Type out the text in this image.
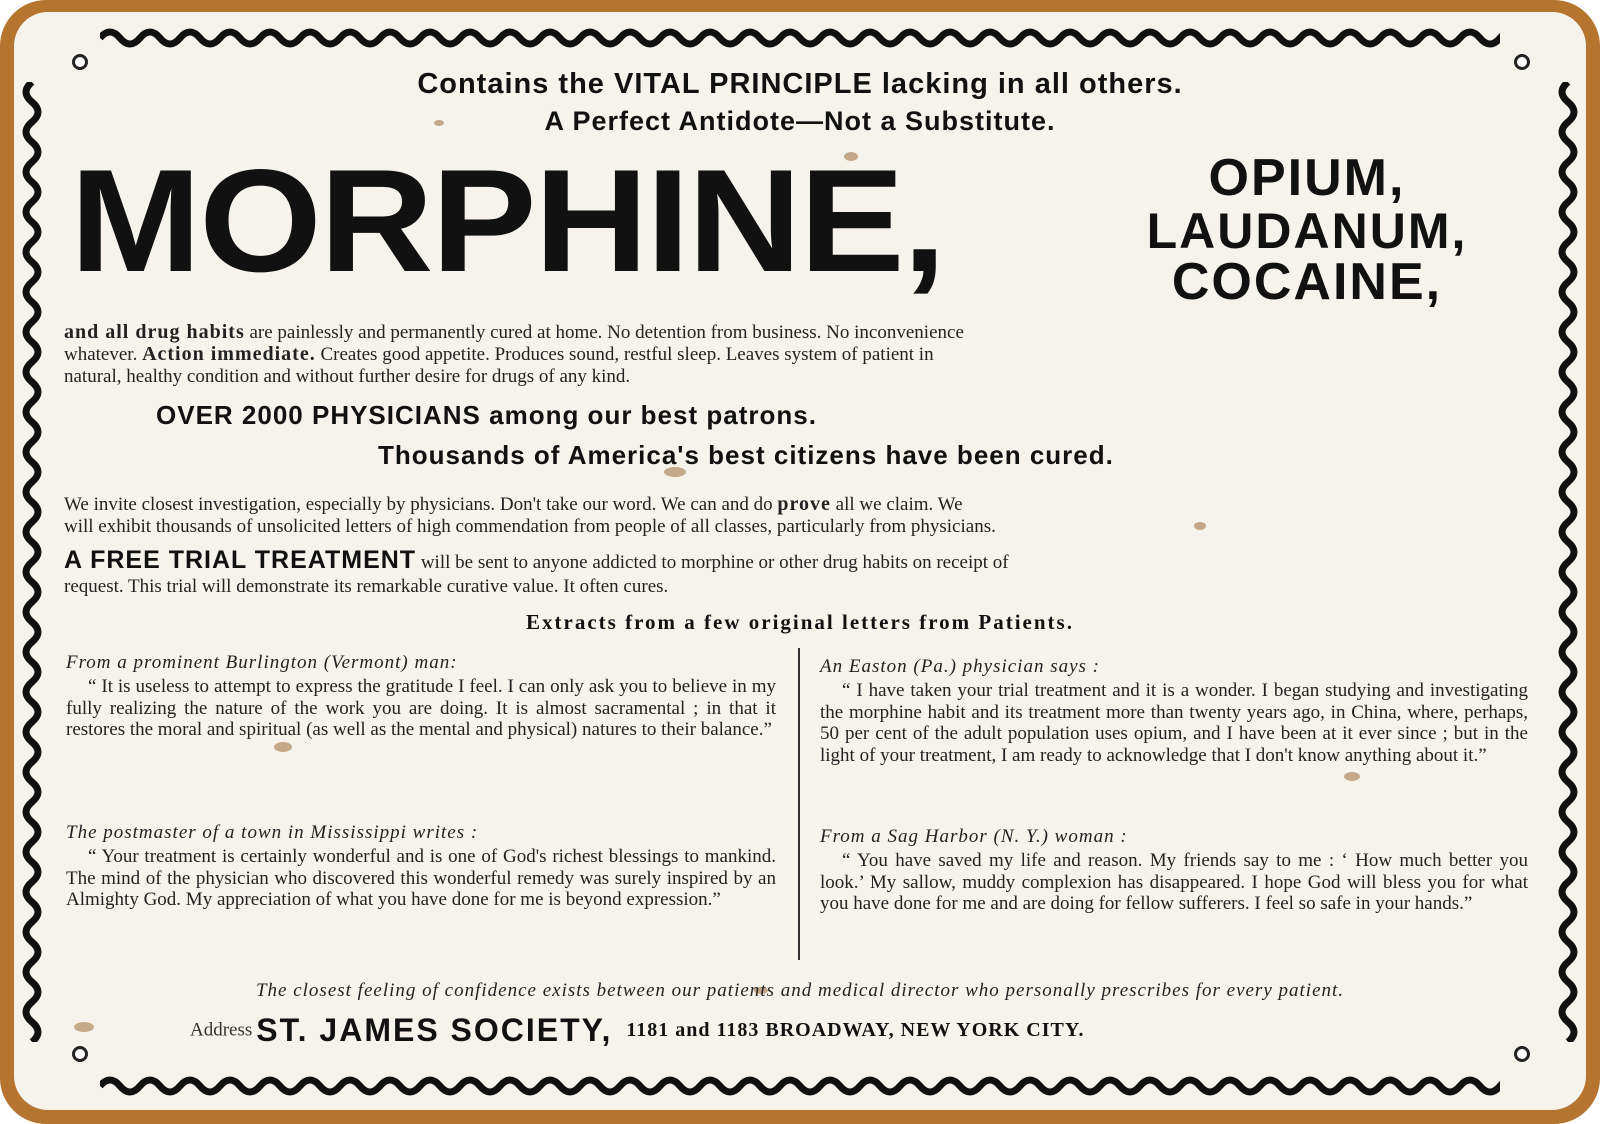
Contains the VITAL PRINCIPLE lacking in all others.
A Perfect Antidote—Not a Substitute.
MORPHINE,	OPIUM,
LAUDANUM,
COCAINE,
and all drug habits are painlessly and permanently cured at home. No detention from business. No inconvenience
whatever. Action immediate. Creates good appetite. Produces sound, restful sleep. Leaves system of patient in
natural, healthy condition and without further desire for drugs of any kind.
OVER 2000 PHYSICIANS among our best patrons.
Thousands of America's best citizens have been cured.
We invite closest investigation, especially by physicians. Don't take our word. We can and do prove all we claim. We
will exhibit thousands of unsolicited letters of high commendation from people of all classes, particularly from physicians.
A FREE TRIAL TREATMENT will be sent to anyone addicted to morphine or other drug habits on receipt of
request. This trial will demonstrate its remarkable curative value. It often cures.
Extracts from a few original letters from Patients.
From a prominent Burlington (Vermont) man:
“ It is useless to attempt to express the gratitude I feel. I can only ask you to believe in my fully realizing the nature of the work you are doing. It is almost sacramental ; in that it restores the moral and spiritual (as well as the mental and physical) natures to their balance.”
The postmaster of a town in Mississippi writes :
“ Your treatment is certainly wonderful and is one of God's richest blessings to mankind. The mind of the physician who discovered this wonderful remedy was surely inspired by an Almighty God. My appreciation of what you have done for me is beyond expression.”
An Easton (Pa.) physician says :
“ I have taken your trial treatment and it is a wonder. I began studying and investigating the morphine habit and its treatment more than twenty years ago, in China, where, perhaps, 50 per cent of the adult population uses opium, and I have been at it ever since ; but in the light of your treatment, I am ready to acknowledge that I don't know anything about it.”
From a Sag Harbor (N. Y.) woman :
“ You have saved my life and reason. My friends say to me : ‘ How much better you look.’ My sallow, muddy complexion has disappeared. I hope God will bless you for what you have done for me and are doing for fellow sufferers. I feel so safe in your hands.”
The closest feeling of confidence exists between our patients and medical director who personally prescribes for every patient.
Address ST. JAMES SOCIETY, 1181 and 1183 BROADWAY, NEW YORK CITY.
